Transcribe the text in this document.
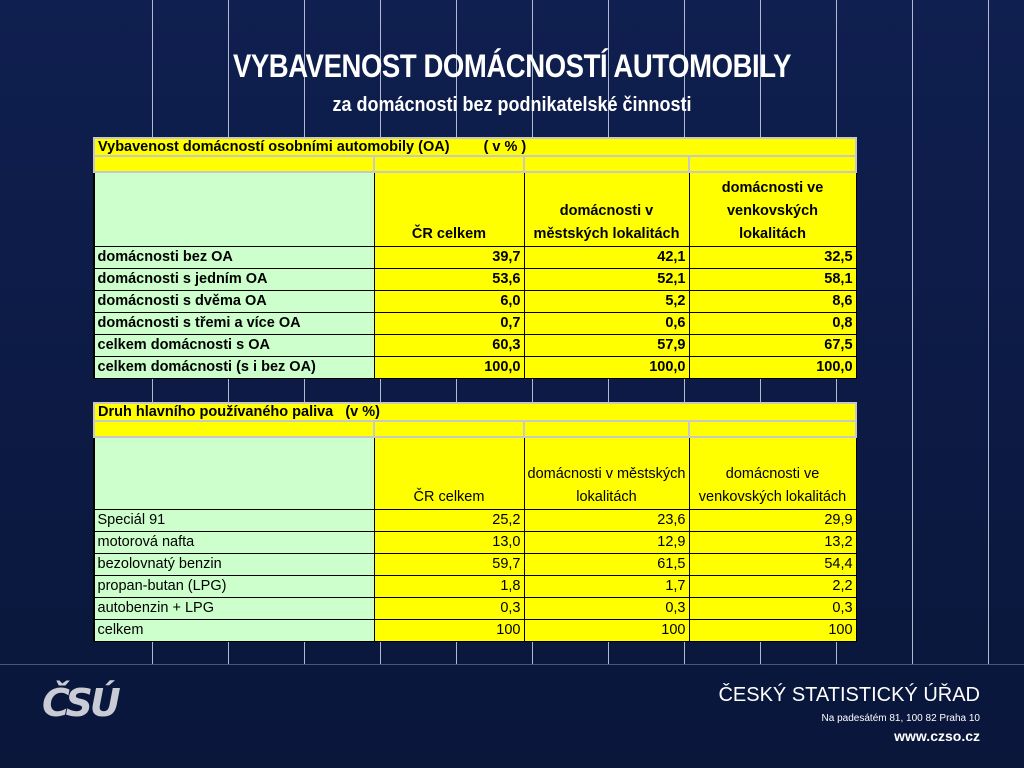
VYBAVENOST DOMÁCNOSTÍ AUTOMOBILY
za domácnosti bez podnikatelské činnosti
Vybavenost domácností osobními automobily (OA) ( v % )			

	ČR celkem	domácnosti v městských lokalitách	domácnosti ve venkovských lokalitách
domácnosti bez OA	39,7	42,1	32,5
domácnosti s jedním OA	53,6	52,1	58,1
domácnosti s dvěma OA	6,0	5,2	8,6
domácnosti s třemi a více OA	0,7	0,6	0,8
celkem domácnosti s OA	60,3	57,9	67,5
celkem domácnosti (s i bez OA)	100,0	100,0	100,0
Druh hlavního používaného paliva   (v %)			

	ČR celkem	domácnosti v městských lokalitách	domácnosti ve venkovských lokalitách
Speciál 91	25,2	23,6	29,9
motorová nafta	13,0	12,9	13,2
bezolovnatý benzin	59,7	61,5	54,4
propan-butan (LPG)	1,8	1,7	2,2
autobenzin + LPG	0,3	0,3	0,3
celkem	100	100	100
ČSÚ	ČESKÝ STATISTICKÝ ÚŘAD
Na padesátém 81, 100 82 Praha 10
www.czso.cz
